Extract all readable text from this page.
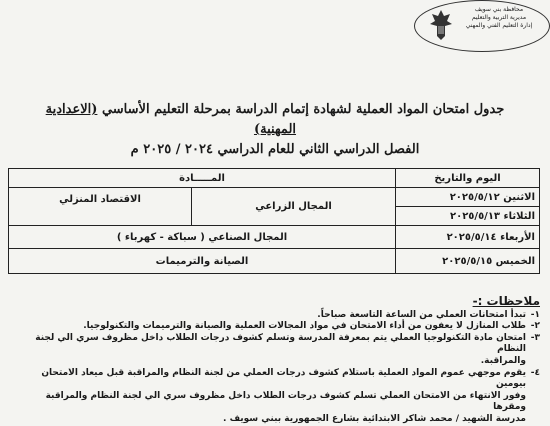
محافظة بني سويف
مديرية التربية والتعليم
إدارة التعليم الفني والمهني
جدول امتحان المواد العملية لشهادة إتمام الدراسة بمرحلة التعليم الأساسي (الاعدادية المهنية)
الفصل الدراسي الثاني للعام الدراسي ٢٠٢٤ / ٢٠٢٥ م
اليوم والتاريخ	المـــــادة	
الاثنين ٢٠٢٥/٥/١٢	المجال الزراعي	الاقتصاد المنزلي
الثلاثاء ٢٠٢٥/٥/١٣		
الأربعاء ٢٠٢٥/٥/١٤	المجال الصناعي ( سباكة - كهرباء )	
الخميس ٢٠٢٥/٥/١٥	الصيانة والترميمات	
ملاحظات :-
١-
تبدأ امتحانات العملي من الساعة التاسعة صباحاً.
٢-
طلاب المنازل لا يعفون من أداء الامتحان في مواد المجالات العملية والصيانة والترميمات والتكنولوجيا.
٣-
امتحان مادة التكنولوجيا العملي يتم بمعرفة المدرسة وتسلم كشوف درجات الطلاب داخل مظروف سري الي لجنة النظام
والمراقبة.
٤-
يقوم موجهي عموم المواد العملية باستلام كشوف درجات العملي من لجنة النظام والمراقبة قبل ميعاد الامتحان بيومين
وفور الانتهاء من الامتحان العملي تسلم كشوف درجات الطلاب داخل مظروف سري الي لجنة النظام والمراقبة ومقرها
مدرسة الشهيد / محمد شاكر الابتدائية بشارع الجمهورية ببني سويف .
